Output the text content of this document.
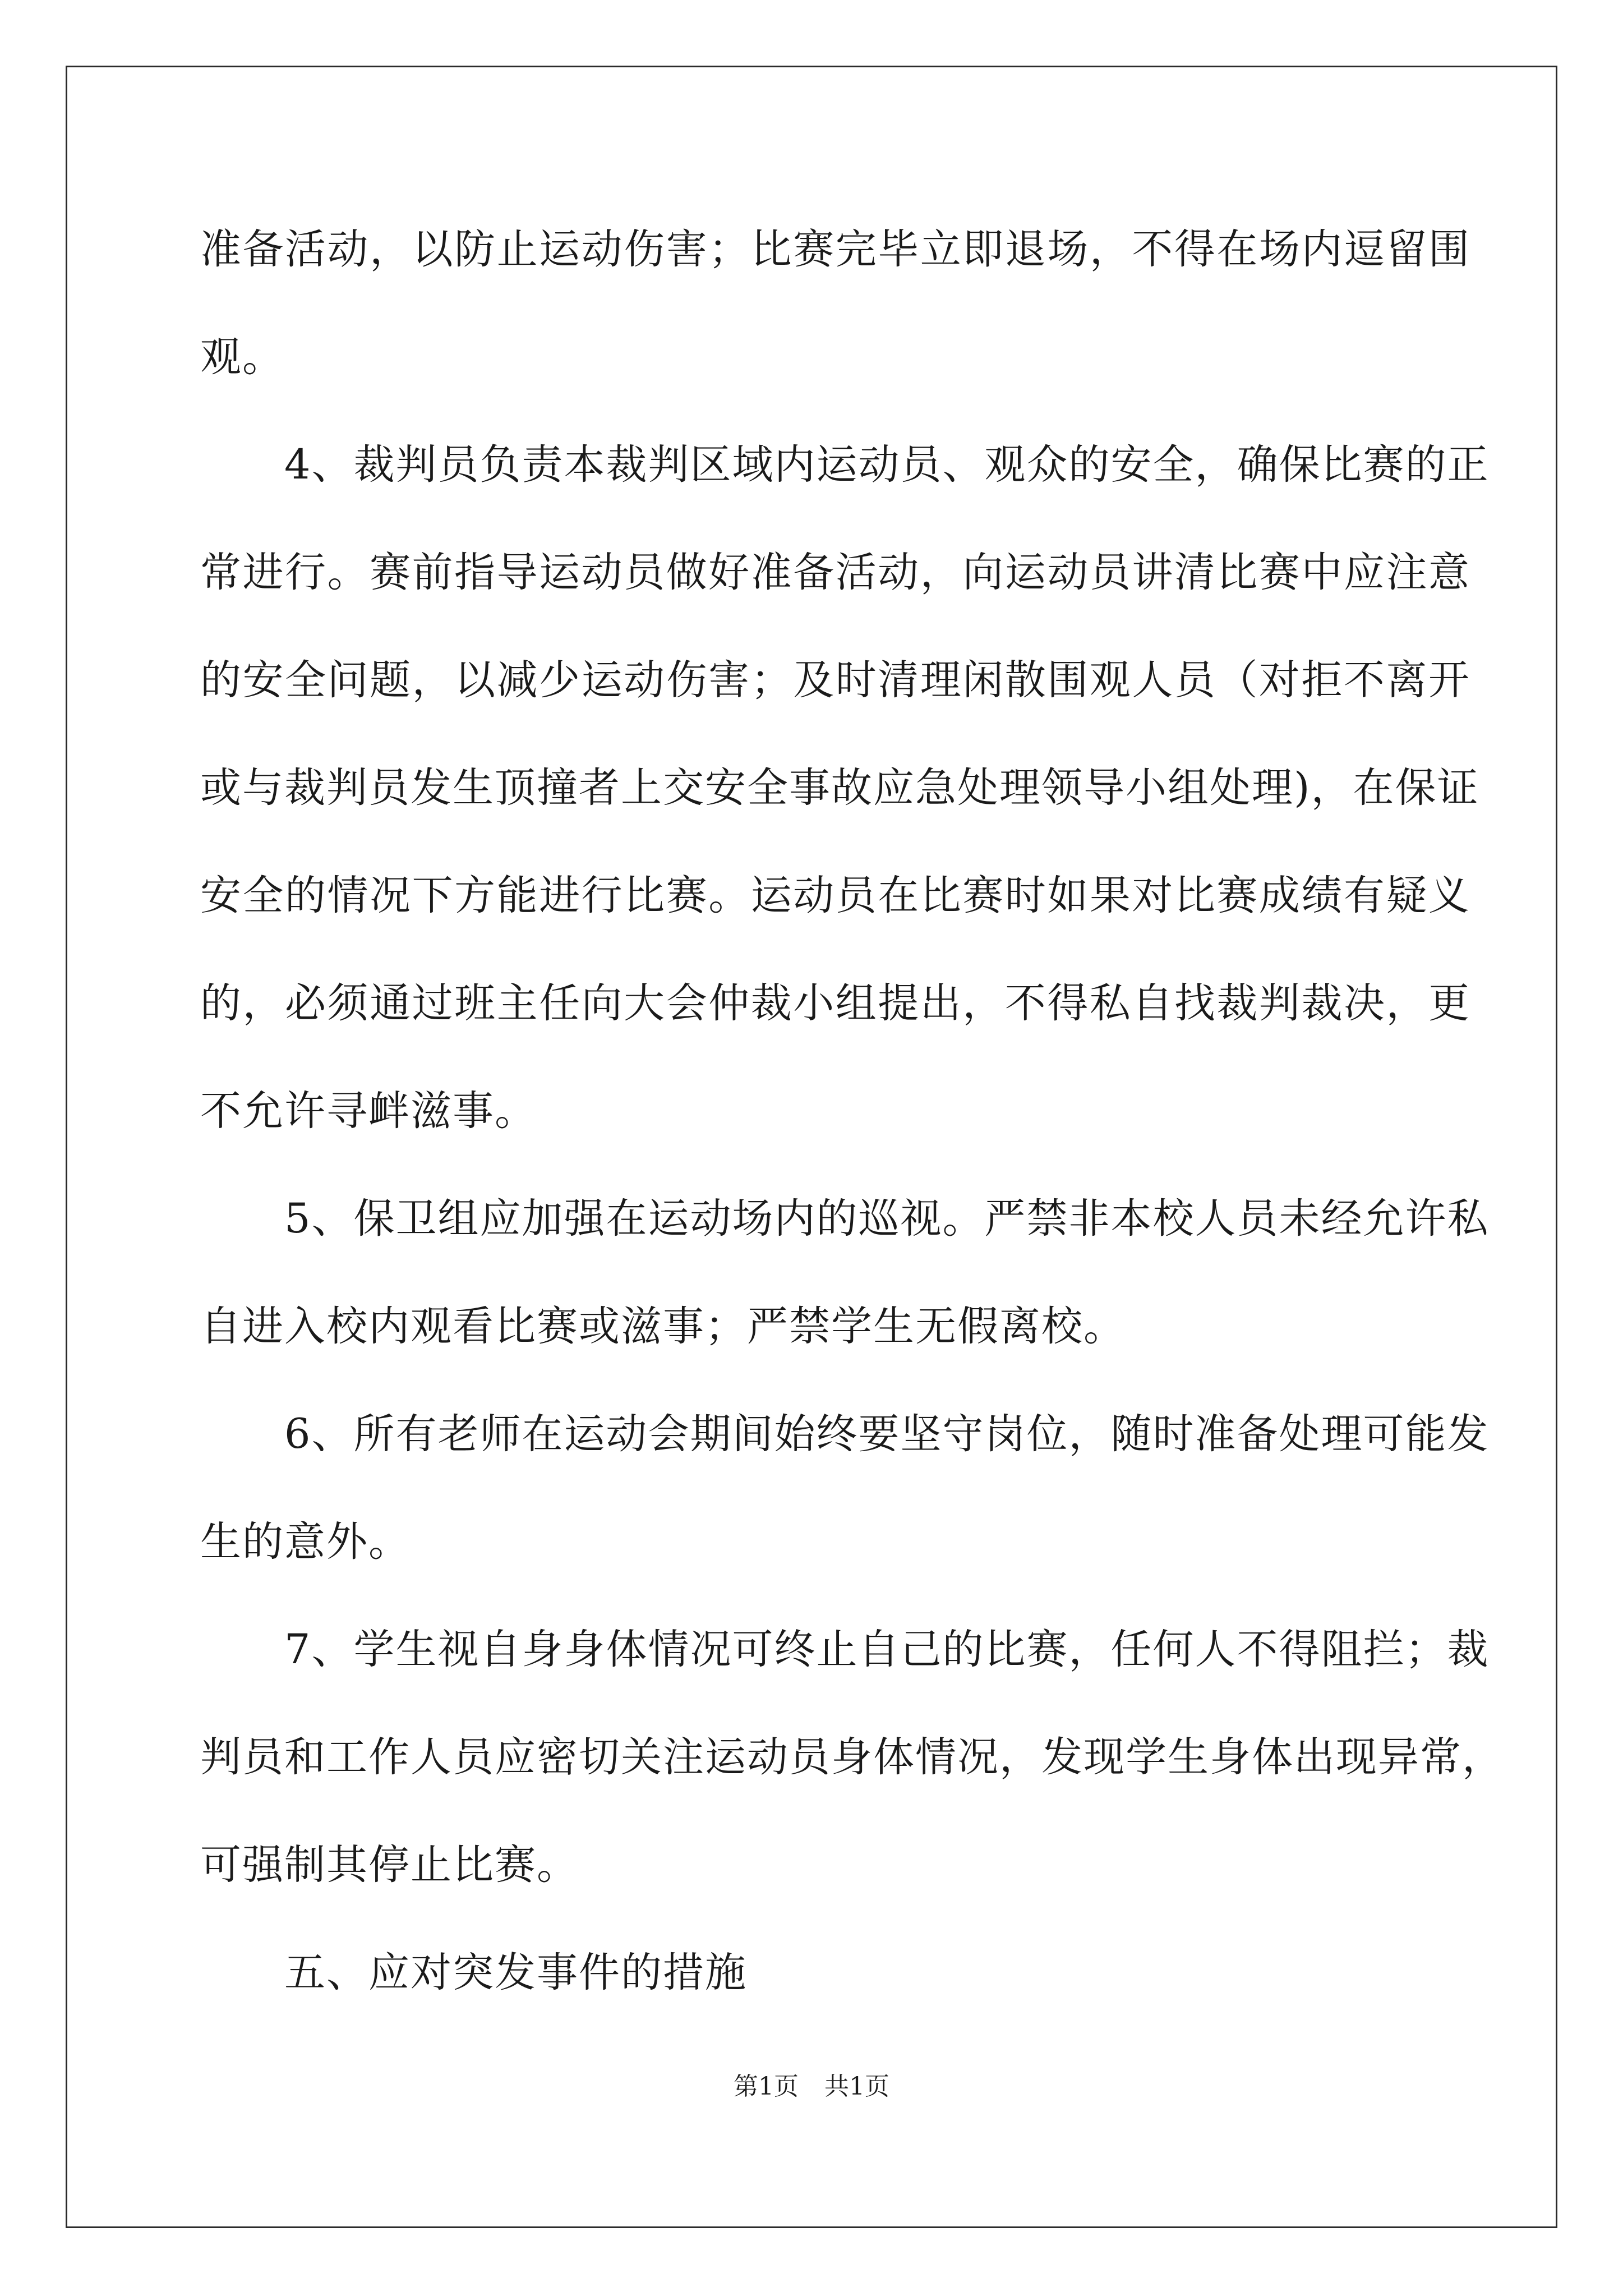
准备活动，以防止运动伤害；比赛完毕立即退场，不得在场内逗留围
观。
4、裁判员负责本裁判区域内运动员、观众的安全，确保比赛的正
常进行。赛前指导运动员做好准备活动，向运动员讲清比赛中应注意
的安全问题，以减少运动伤害；及时清理闲散围观人员（对拒不离开
或与裁判员发生顶撞者上交安全事故应急处理领导小组处理)，在保证
安全的情况下方能进行比赛。运动员在比赛时如果对比赛成绩有疑义
的，必须通过班主任向大会仲裁小组提出，不得私自找裁判裁决，更
不允许寻衅滋事。
5、保卫组应加强在运动场内的巡视。严禁非本校人员未经允许私
自进入校内观看比赛或滋事；严禁学生无假离校。
6、所有老师在运动会期间始终要坚守岗位，随时准备处理可能发
生的意外。
7、学生视自身身体情况可终止自己的比赛，任何人不得阻拦；裁
判员和工作人员应密切关注运动员身体情况，发现学生身体出现异常，
可强制其停止比赛。
五、应对突发事件的措施
第1页 共1页
